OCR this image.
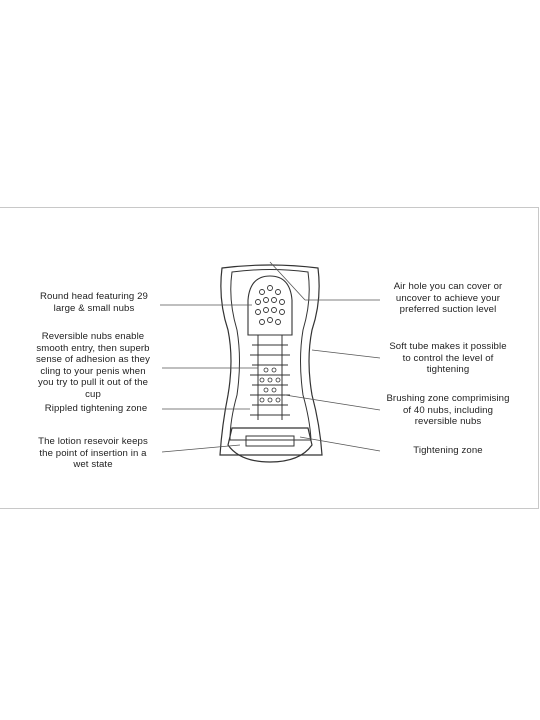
Round head featuring 29
large & small nubs
Reversible nubs enable
smooth entry, then superb
sense of adhesion as they
cling to your penis when
you try to pull it out of the
cup
Rippled tightening zone
The lotion resevoir keeps
the point of insertion in a
wet state
Air hole you can cover or
uncover to achieve your
preferred suction level
Soft tube makes it possible
to control the level of
tightening
Brushing zone comprimising
of 40 nubs, including
reversible nubs
Tightening zone
